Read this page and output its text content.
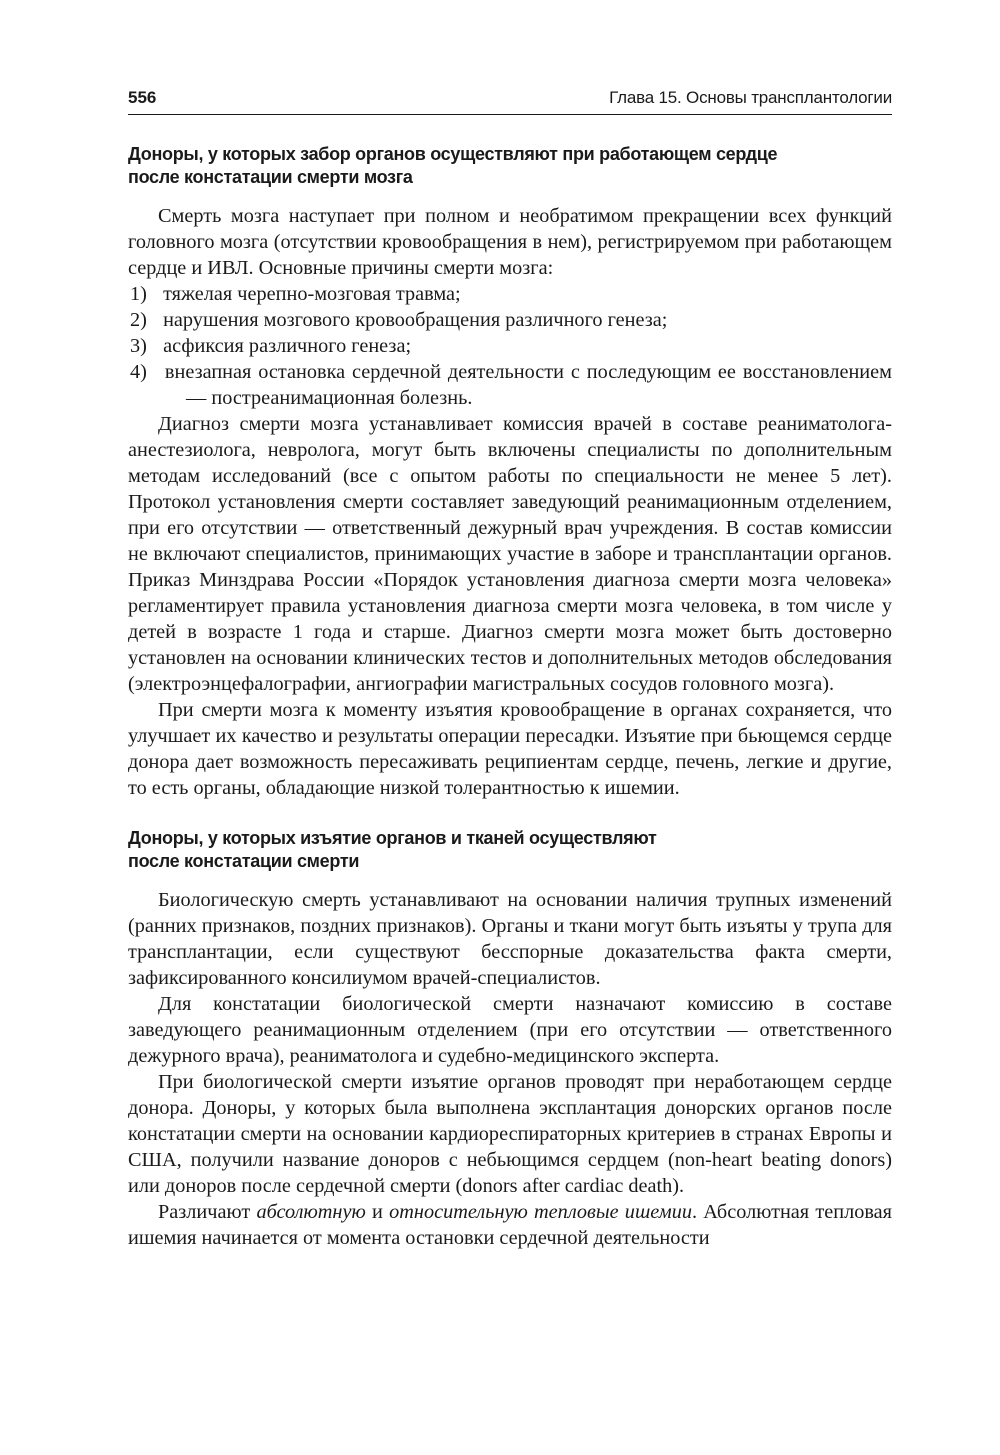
556	Глава 15. Основы трансплантологии
Доноры, у которых забор органов осуществляют при работающем сердце
после констатации смерти мозга

Смерть мозга наступает при полном и необратимом прекращении всех функций головного мозга (отсутствии кровообращения в нем), регистрируемом при работающем сердце и ИВЛ. Основные причины смерти мозга:

1) тяжелая черепно-мозговая травма;
2) нарушения мозгового кровообращения различного генеза;
3) асфиксия различного генеза;
4) внезапная остановка сердечной деятельности с последующим ее восстановлением — постреанимационная болезнь.

Диагноз смерти мозга устанавливает комиссия врачей в составе реаниматолога-анестезиолога, невролога, могут быть включены специалисты по дополнительным методам исследований (все с опытом работы по специальности не менее 5 лет). Протокол установления смерти составляет заведующий реанимационным отделением, при его отсутствии — ответственный дежурный врач учреждения. В состав комиссии не включают специалистов, принимающих участие в заборе и трансплантации органов. Приказ Минздрава России «Порядок установления диагноза смерти мозга человека» регламентирует правила установления диагноза смерти мозга человека, в том числе у детей в возрасте 1 года и старше. Диагноз смерти мозга может быть достоверно установлен на основании клинических тестов и дополнительных методов обследования (электроэнцефалографии, ангиографии магистральных сосудов головного мозга).

При смерти мозга к моменту изъятия кровообращение в органах сохраняется, что улучшает их качество и результаты операции пересадки. Изъятие при бьющемся сердце донора дает возможность пересаживать реципиентам сердце, печень, легкие и другие, то есть органы, обладающие низкой толерантностью к ишемии.

Доноры, у которых изъятие органов и тканей осуществляют
после констатации смерти

Биологическую смерть устанавливают на основании наличия трупных изменений (ранних признаков, поздних признаков). Органы и ткани могут быть изъяты у трупа для трансплантации, если существуют бесспорные доказательства факта смерти, зафиксированного консилиумом врачей-специалистов.

Для констатации биологической смерти назначают комиссию в составе заведующего реанимационным отделением (при его отсутствии — ответственного дежурного врача), реаниматолога и судебно-медицинского эксперта.

При биологической смерти изъятие органов проводят при неработающем сердце донора. Доноры, у которых была выполнена эксплантация донорских органов после констатации смерти на основании кардиореспираторных критериев в странах Европы и США, получили название доноров с небьющимся сердцем (non-heart beating donors) или доноров после сердечной смерти (donors after cardiac death).

Различают абсолютную и относительную тепловые ишемии. Абсолютная тепловая ишемия начинается от момента остановки сердечной деятельности
